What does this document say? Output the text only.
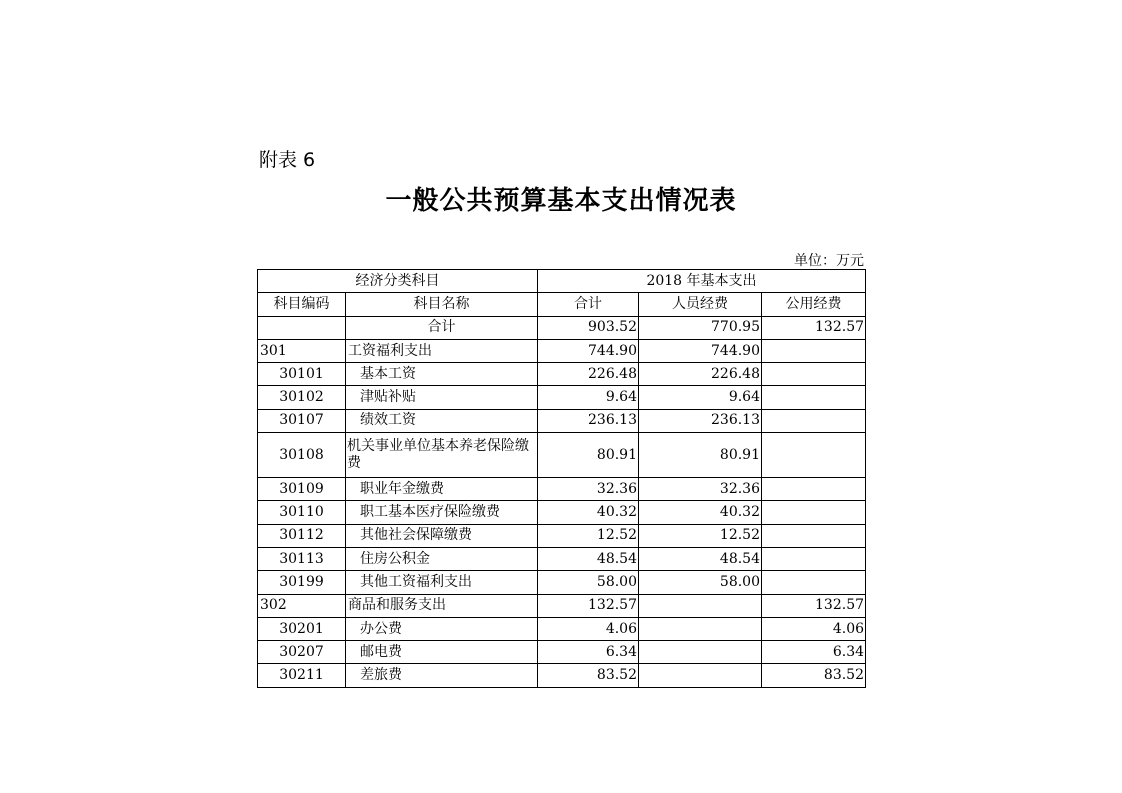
附表 6
一般公共预算基本支出情况表
单位：万元
经济分类科目		2018 年基本支出		
科目编码	科目名称	合计	人员经费	公用经费
	合计	903.52	770.95	132.57
301	工资福利支出	744.90	744.90	
30101	基本工资	226.48	226.48	
30102	津贴补贴	9.64	9.64	
30107	绩效工资	236.13	236.13	
30108	机关事业单位基本养老保险缴费	80.91	80.91	
30109	职业年金缴费	32.36	32.36	
30110	职工基本医疗保险缴费	40.32	40.32	
30112	其他社会保障缴费	12.52	12.52	
30113	住房公积金	48.54	48.54	
30199	其他工资福利支出	58.00	58.00	
302	商品和服务支出	132.57		132.57
30201	办公费	4.06		4.06
30207	邮电费	6.34		6.34
30211	差旅费	83.52		83.52
